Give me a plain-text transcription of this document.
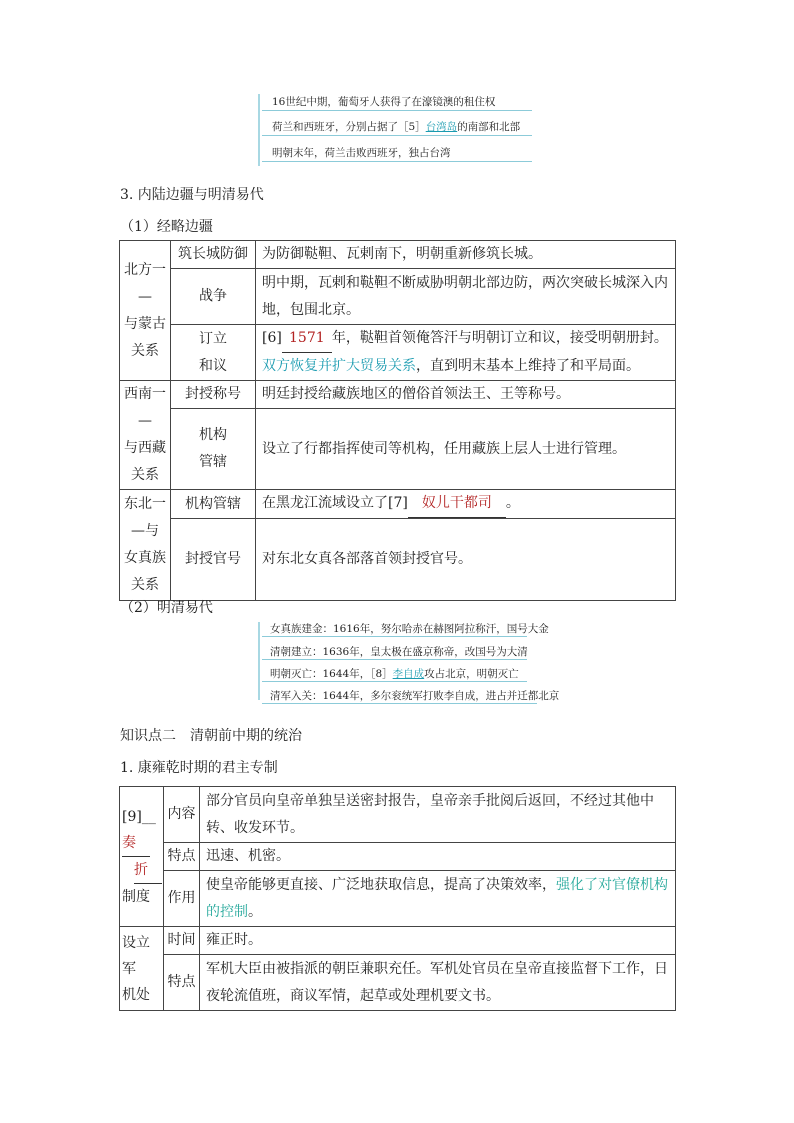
16世纪中期，葡萄牙人获得了在濠镜澳的租住权
荷兰和西班牙，分别占据了［5］台湾岛的南部和北部
明朝末年，荷兰击败西班牙，独占台湾
3. 内陆边疆与明清易代
（1）经略边疆
北方一
—
与蒙古
关系	筑长城防御	为防御鞑靼、瓦剌南下，明朝重新修筑长城。
	战争	明中期，瓦剌和鞑靼不断威胁明朝北部边防，两次突破长城深入内地，包围北京。

	订立
和议	[6] 1571 年，鞑靼首领俺答汗与明朝订立和议，接受明朝册封。双方恢复并扩大贸易关系，直到明末基本上维持了和平局面。

西南一
—
与西藏
关系	封授称号	明廷封授给藏族地区的僧俗首领法王、王等称号。

	机构
管辖	设立了行都指挥使司等机构，任用藏族上层人士进行管理。

东北一
—与
女真族
关系	机构管辖	在黑龙江流域设立了[7] 奴儿干都司 。
	封授官号	对东北女真各部落首领封授官号。
（2）明清易代
女真族建金：1616年，努尔哈赤在赫图阿拉称汗，国号大金
清朝建立：1636年，皇太极在盛京称帝，改国号为大清
明朝灭亡：1644年，［8］李自成攻占北京，明朝灭亡
清军入关：1644年，多尔衮统军打败李自成，进占并迁都北京
知识点二　清朝前中期的统治
1. 康雍乾时期的君主专制
[9]__
奏
折
制度	内容	部分官员向皇帝单独呈送密封报告，皇帝亲手批阅后返回，不经过其他中转、收发环节。
	特点	迅速、机密。
	作用	使皇帝能够更直接、广泛地获取信息，提高了决策效率，强化了对官僚机构的控制。

设立军
机处	时间	雍正时。
	特点	军机大臣由被指派的朝臣兼职充任。军机处官员在皇帝直接监督下工作，日夜轮流值班，商议军情，起草或处理机要文书。
